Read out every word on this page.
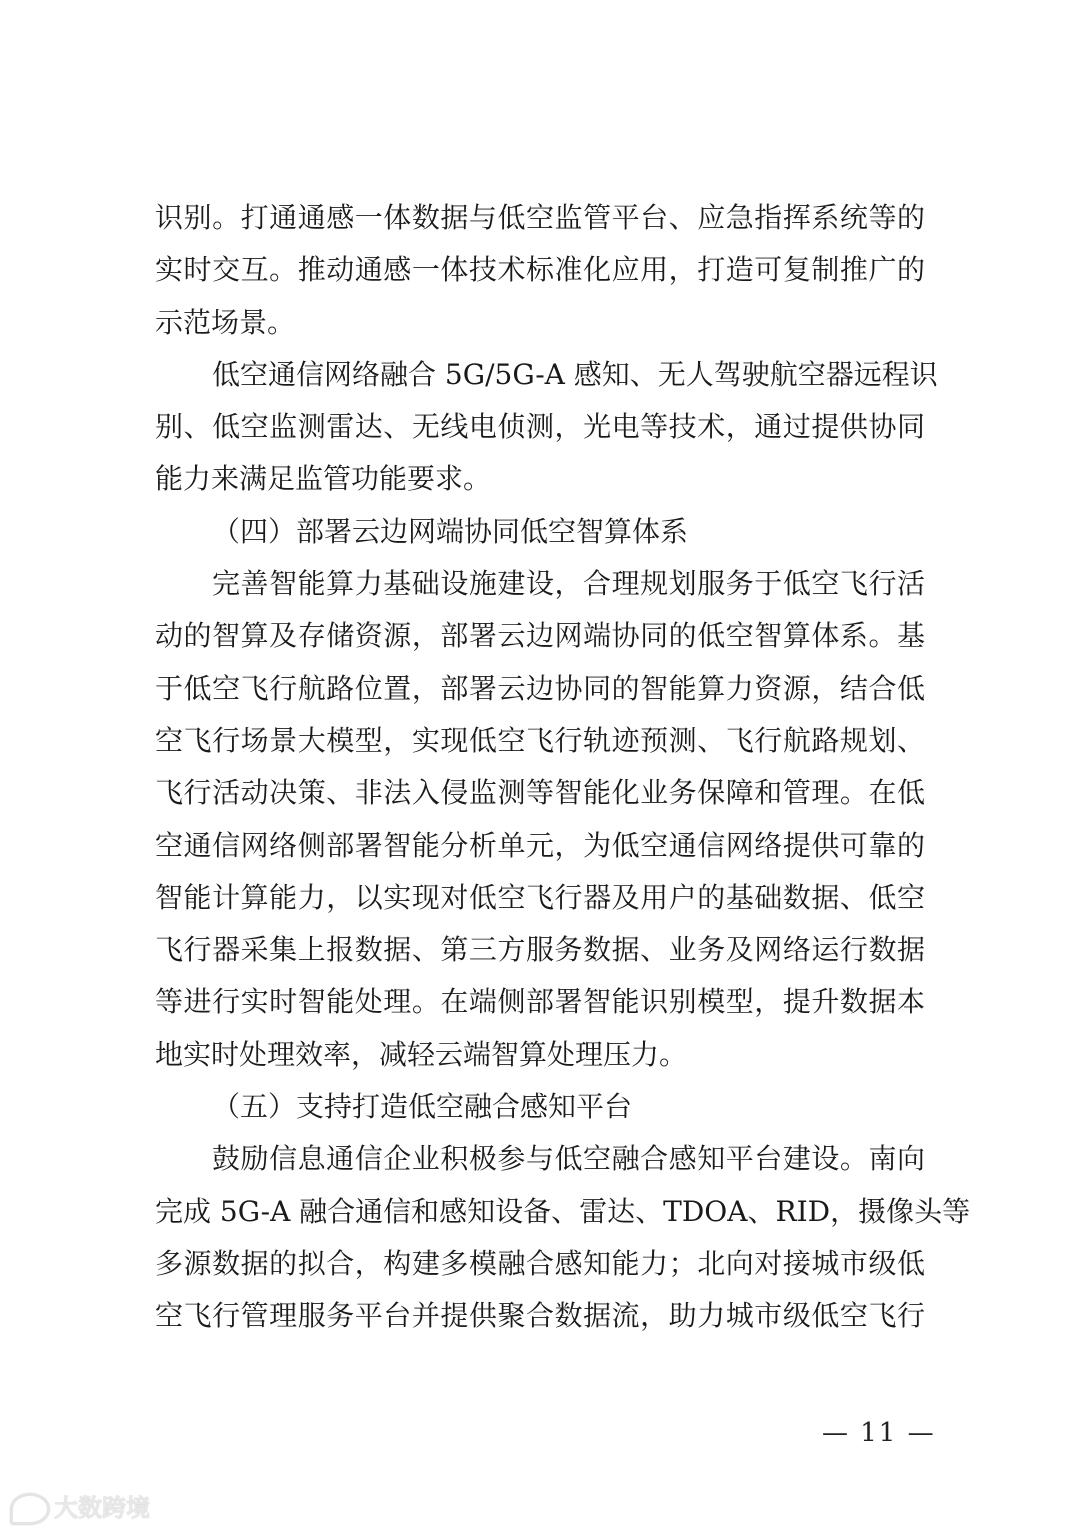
识别。打通通感一体数据与低空监管平台、应急指挥系统等的
实时交互。推动通感一体技术标准化应用，打造可复制推广的
示范场景。
低空通信网络融合 5G/5G-A 感知、无人驾驶航空器远程识
别、低空监测雷达、无线电侦测，光电等技术，通过提供协同
能力来满足监管功能要求。
（四）部署云边网端协同低空智算体系
完善智能算力基础设施建设，合理规划服务于低空飞行活
动的智算及存储资源，部署云边网端协同的低空智算体系。基
于低空飞行航路位置，部署云边协同的智能算力资源，结合低
空飞行场景大模型，实现低空飞行轨迹预测、飞行航路规划、
飞行活动决策、非法入侵监测等智能化业务保障和管理。在低
空通信网络侧部署智能分析单元，为低空通信网络提供可靠的
智能计算能力，以实现对低空飞行器及用户的基础数据、低空
飞行器采集上报数据、第三方服务数据、业务及网络运行数据
等进行实时智能处理。在端侧部署智能识别模型，提升数据本
地实时处理效率，减轻云端智算处理压力。
（五）支持打造低空融合感知平台
鼓励信息通信企业积极参与低空融合感知平台建设。南向
完成 5G-A 融合通信和感知设备、雷达、TDOA、RID，摄像头等
多源数据的拟合，构建多模融合感知能力；北向对接城市级低
空飞行管理服务平台并提供聚合数据流，助力城市级低空飞行
— 11 —
大数跨境
